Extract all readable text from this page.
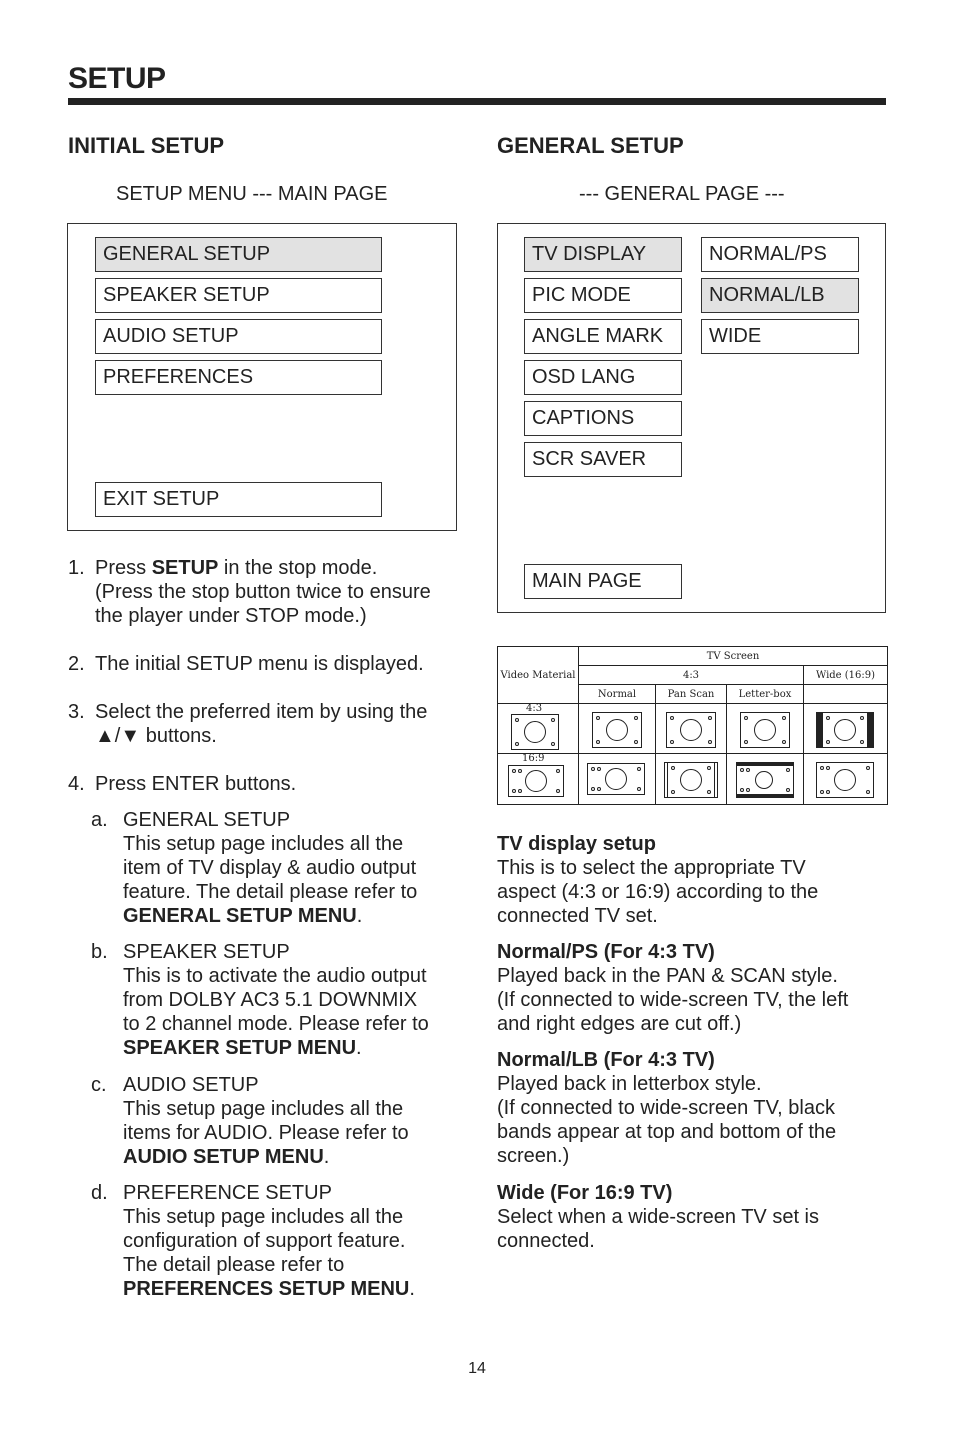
SETUP
INITIAL SETUP
SETUP MENU --- MAIN PAGE
GENERAL SETUP
SPEAKER SETUP
AUDIO SETUP
PREFERENCES
EXIT SETUP
1. Press SETUP in the stop mode.
(Press the stop button twice to ensure
the player under STOP mode.)
2. The initial SETUP menu is displayed.
3. Select the preferred item by using the
▲/▼ buttons.
4. Press ENTER buttons.
a. GENERAL SETUP
This setup page includes all the
item of TV display & audio output
feature. The detail please refer to
GENERAL SETUP MENU.
b. SPEAKER SETUP
This is to activate the audio output
from DOLBY AC3 5.1 DOWNMIX
to 2 channel mode. Please refer to
SPEAKER SETUP MENU.
c. AUDIO SETUP
This setup page includes all the
items for AUDIO. Please refer to
AUDIO SETUP MENU.
d. PREFERENCE SETUP
This setup page includes all the
configuration of support feature.
The detail please refer to
PREFERENCES SETUP MENU.
GENERAL SETUP
--- GENERAL PAGE ---
TV DISPLAY
PIC MODE
ANGLE MARK
OSD LANG
CAPTIONS
SCR SAVER
NORMAL/PS
NORMAL/LB
WIDE
MAIN PAGE
Video Material	TV Screen			
	4:3			Wide (16:9)
	Normal	Pan Scan	Letter-box	

4:3				

16:9				

TV display setup
This is to select the appropriate TV
aspect (4:3 or 16:9) according to the
connected TV set.
Normal/PS (For 4:3 TV)
Played back in the PAN & SCAN style.
(If connected to wide-screen TV, the left
and right edges are cut off.)
Normal/LB (For 4:3 TV)
Played back in letterbox style.
(If connected to wide-screen TV, black
bands appear at top and bottom of the
screen.)
Wide (For 16:9 TV)
Select when a wide-screen TV set is
connected.
14
